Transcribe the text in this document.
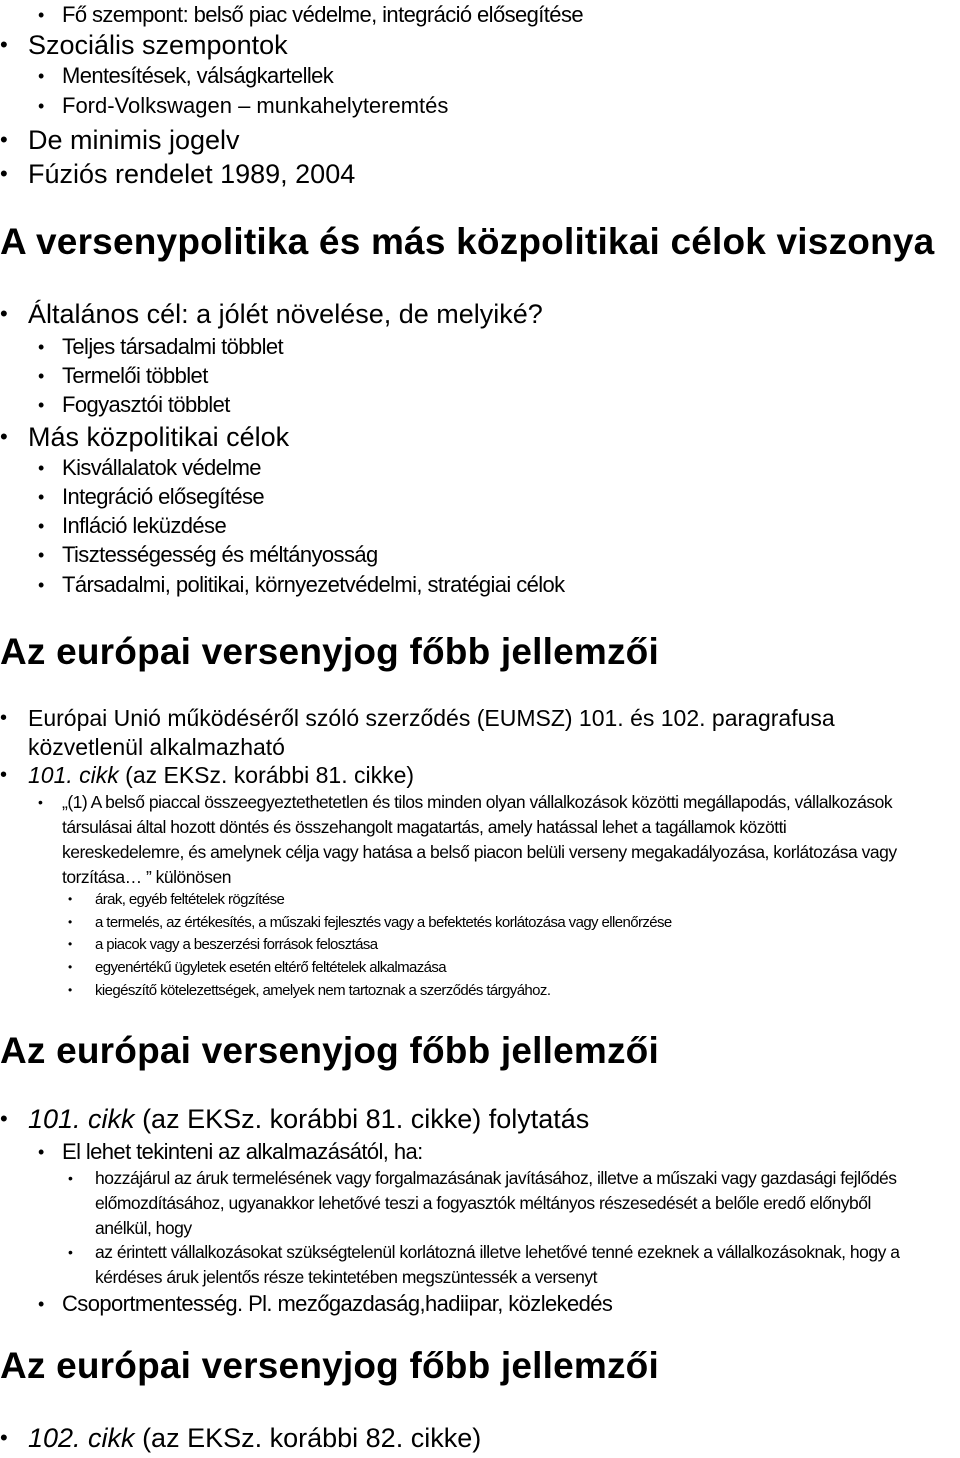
• Fő szempont: belső piac védelme, integráció elősegítése
• Szociális szempontok
• Mentesítések, válságkartellek
• Ford-Volkswagen – munkahelyteremtés
• De minimis jogelv
• Fúziós rendelet 1989, 2004
A versenypolitika és más közpolitikai célok viszonya
• Általános cél: a jólét növelése, de melyiké?
• Teljes társadalmi többlet
• Termelői többlet
• Fogyasztói többlet
• Más közpolitikai célok
• Kisvállalatok védelme
• Integráció elősegítése
• Infláció leküzdése
• Tisztességesség és méltányosság
• Társadalmi, politikai, környezetvédelmi, stratégiai célok
Az európai versenyjog főbb jellemzői
• Európai Unió működéséről szóló szerződés (EUMSZ) 101. és 102. paragrafusa
közvetlenül alkalmazható
• 101. cikk (az EKSz. korábbi 81. cikke)
• „(1) A belső piaccal összeegyeztethetetlen és tilos minden olyan vállalkozások közötti megállapodás, vállalkozások
társulásai által hozott döntés és összehangolt magatartás, amely hatással lehet a tagállamok közötti
kereskedelemre, és amelynek célja vagy hatása a belső piacon belüli verseny megakadályozása, korlátozása vagy
torzítása… ” különösen
• árak, egyéb feltételek rögzítése
• a termelés, az értékesítés, a műszaki fejlesztés vagy a befektetés korlátozása vagy ellenőrzése
• a piacok vagy a beszerzési források felosztása
• egyenértékű ügyletek esetén eltérő feltételek alkalmazása
• kiegészítő kötelezettségek, amelyek nem tartoznak a szerződés tárgyához.
Az európai versenyjog főbb jellemzői
• 101. cikk (az EKSz. korábbi 81. cikke) folytatás
• El lehet tekinteni az alkalmazásától, ha:
• hozzájárul az áruk termelésének vagy forgalmazásának javításához, illetve a műszaki vagy gazdasági fejlődés
előmozdításához, ugyanakkor lehetővé teszi a fogyasztók méltányos részesedését a belőle eredő előnyből
anélkül, hogy
• az érintett vállalkozásokat szükségtelenül korlátozná illetve lehetővé tenné ezeknek a vállalkozásoknak, hogy a
kérdéses áruk jelentős része tekintetében megszüntessék a versenyt
• Csoportmentesség. Pl. mezőgazdaság,hadiipar, közlekedés
Az európai versenyjog főbb jellemzői
• 102. cikk (az EKSz. korábbi 82. cikke)
